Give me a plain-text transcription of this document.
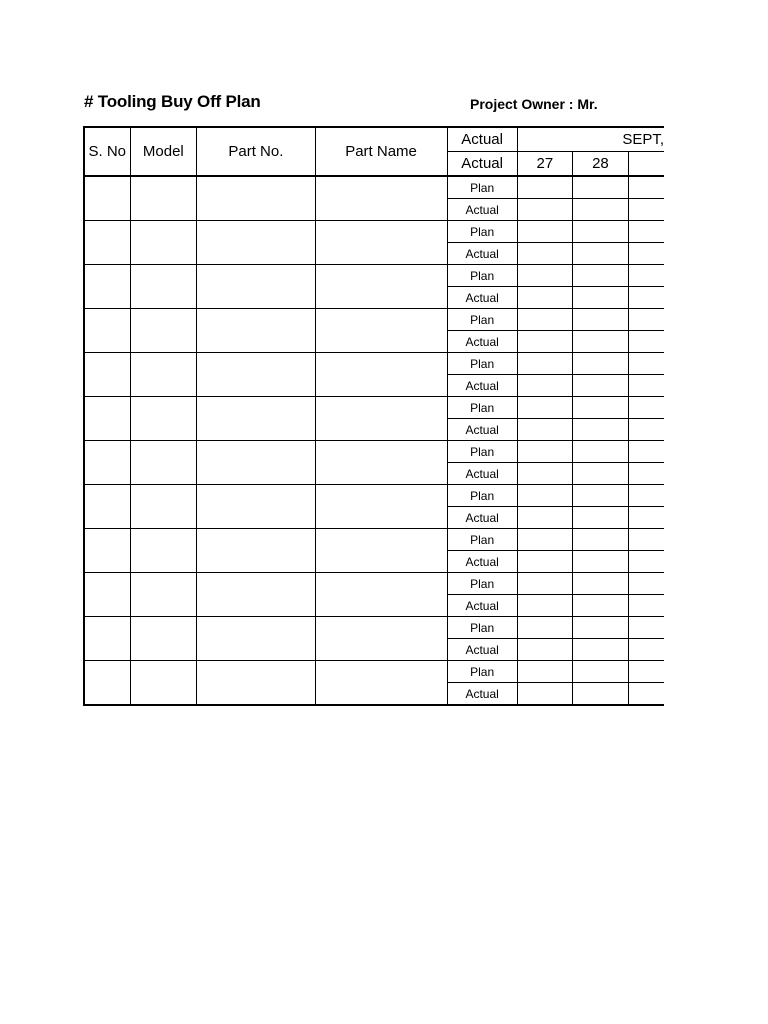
# Tooling Buy Off Plan	Project Owner : Mr.
S. No	Model	Part No.	Part Name	Actual	SEPT,		
				Actual	27	28	
				Plan			
				Actual			
				Plan			
				Actual			
				Plan			
				Actual			
				Plan			
				Actual			
				Plan			
				Actual			
				Plan			
				Actual			
				Plan			
				Actual			
				Plan			
				Actual			
				Plan			
				Actual			
				Plan			
				Actual			
				Plan			
				Actual			
				Plan			
				Actual			
